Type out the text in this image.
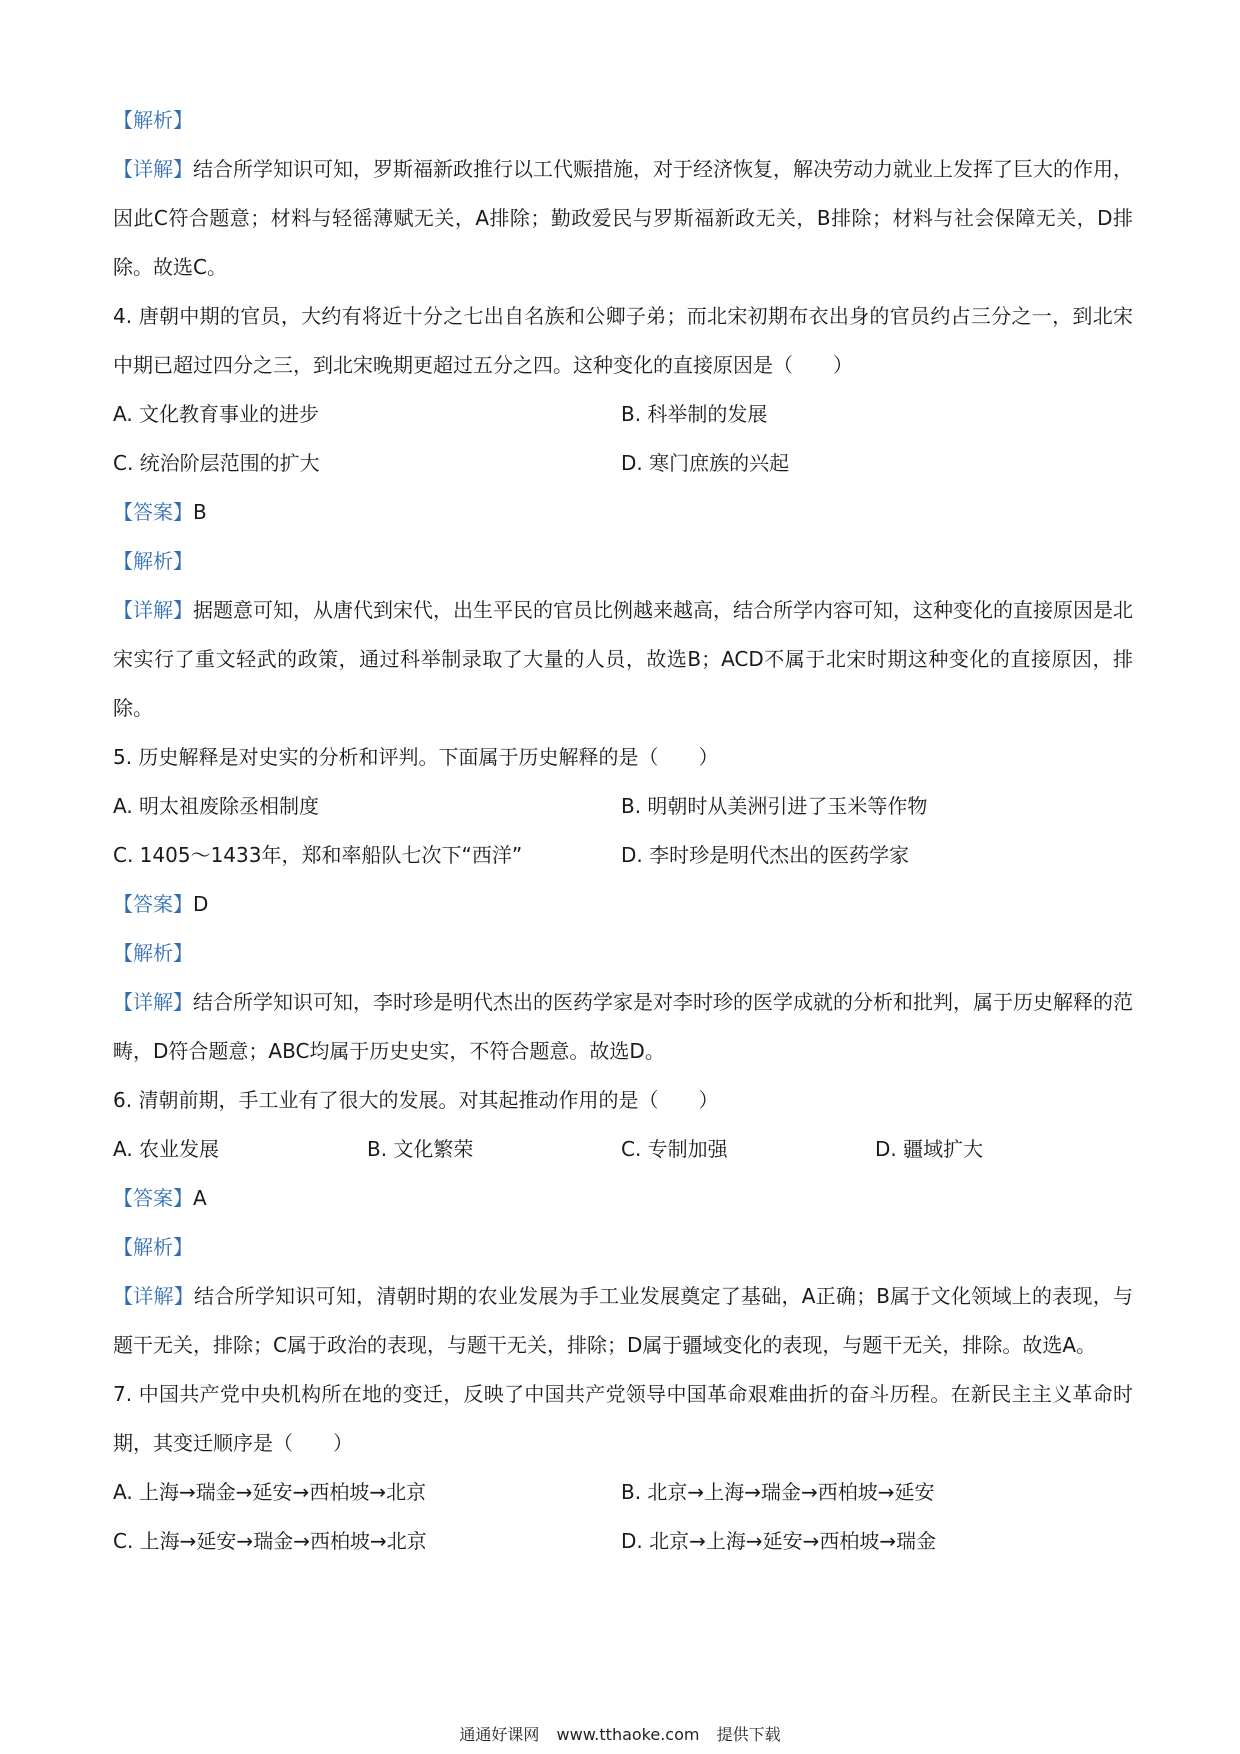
【解析】
【详解】结合所学知识可知，罗斯福新政推行以工代赈措施，对于经济恢复，解决劳动力就业上发挥了巨大的作用，因此C符合题意；材料与轻徭薄赋无关，A排除；勤政爱民与罗斯福新政无关，B排除；材料与社会保障无关，D排除。故选C。
4. 唐朝中期的官员，大约有将近十分之七出自名族和公卿子弟；而北宋初期布衣出身的官员约占三分之一，到北宋中期已超过四分之三，到北宋晚期更超过五分之四。这种变化的直接原因是（　　）
A. 文化教育事业的进步	B. 科举制的发展
C. 统治阶层范围的扩大	D. 寒门庶族的兴起
【答案】B
【解析】
【详解】据题意可知，从唐代到宋代，出生平民的官员比例越来越高，结合所学内容可知，这种变化的直接原因是北宋实行了重文轻武的政策，通过科举制录取了大量的人员，故选B；ACD不属于北宋时期这种变化的直接原因，排除。
5. 历史解释是对史实的分析和评判。下面属于历史解释的是（　　）
A. 明太祖废除丞相制度	B. 明朝时从美洲引进了玉米等作物
C. 1405～1433年，郑和率船队七次下“西洋”	D. 李时珍是明代杰出的医药学家
【答案】D
【解析】
【详解】结合所学知识可知，李时珍是明代杰出的医药学家是对李时珍的医学成就的分析和批判，属于历史解释的范畴，D符合题意；ABC均属于历史史实，不符合题意。故选D。
6. 清朝前期，手工业有了很大的发展。对其起推动作用的是（　　）
A. 农业发展	B. 文化繁荣	C. 专制加强	D. 疆域扩大
【答案】A
【解析】
【详解】结合所学知识可知，清朝时期的农业发展为手工业发展奠定了基础，A正确；B属于文化领域上的表现，与题干无关，排除；C属于政治的表现，与题干无关，排除；D属于疆域变化的表现，与题干无关，排除。故选A。
7. 中国共产党中央机构所在地的变迁，反映了中国共产党领导中国革命艰难曲折的奋斗历程。在新民主主义革命时期，其变迁顺序是（　　）
A. 上海→瑞金→延安→西柏坡→北京	B. 北京→上海→瑞金→西柏坡→延安
C. 上海→延安→瑞金→西柏坡→北京	D. 北京→上海→延安→西柏坡→瑞金
通通好课网 www.tthaoke.com 提供下载
